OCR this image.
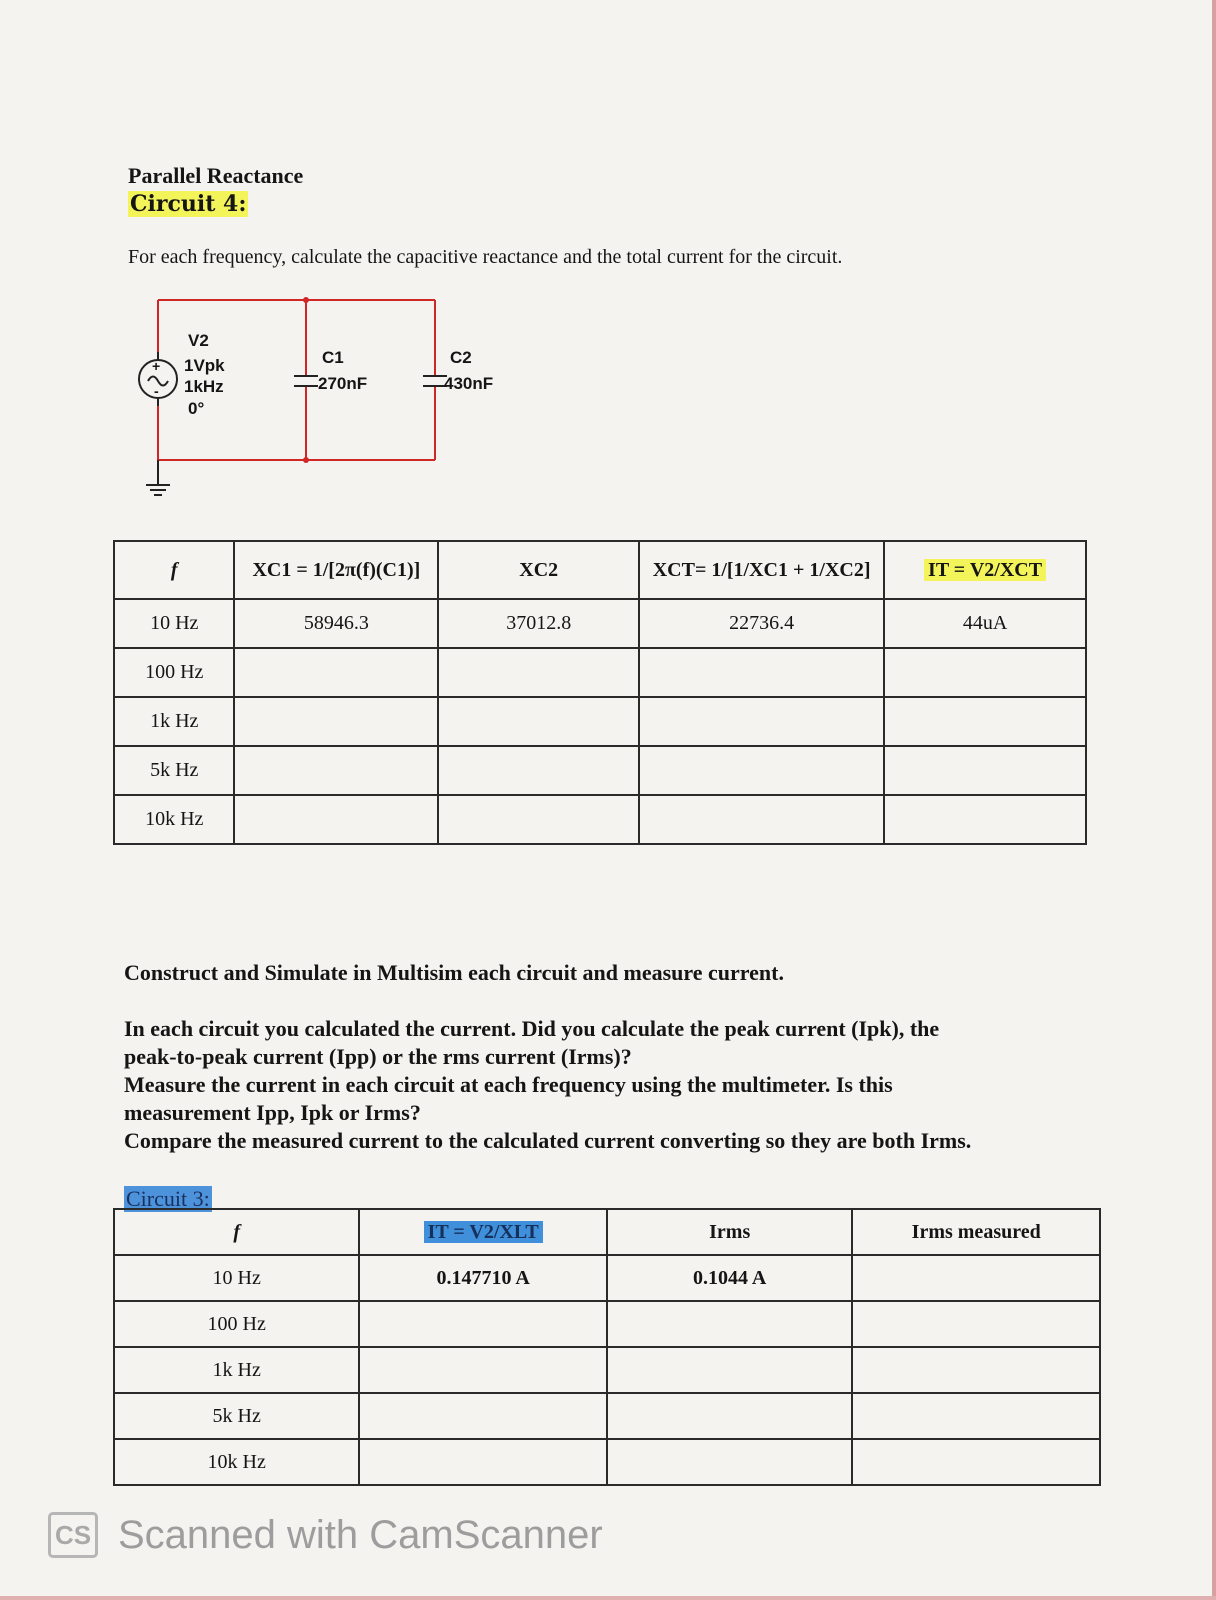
Parallel Reactance
Circuit 4:
For each frequency, calculate the capacitive reactance and the total current for the circuit.
+
-
V2
1Vpk
1kHz
0°
C1
270nF
C2
430nF
f	XC1 = 1/[2π(f)(C1)]	XC2	XCT= 1/[1/XC1 + 1/XC2]	IT = V2/XCT
10 Hz	58946.3	37012.8	22736.4	44uA
100 Hz				
1k Hz				
5k Hz				
10k Hz				
Construct and Simulate in Multisim each circuit and measure current.
In each circuit you calculated the current. Did you calculate the peak current (Ipk), the
peak-to-peak current (Ipp) or the rms current (Irms)?
Measure the current in each circuit at each frequency using the multimeter. Is this
measurement Ipp, Ipk or Irms?
Compare the measured current to the calculated current converting so they are both Irms.
Circuit 3:
f	IT = V2/XLT	Irms	Irms measured
10 Hz	0.147710 A	0.1044 A	
100 Hz			
1k Hz			
5k Hz			
10k Hz			
CS Scanned with CamScanner
